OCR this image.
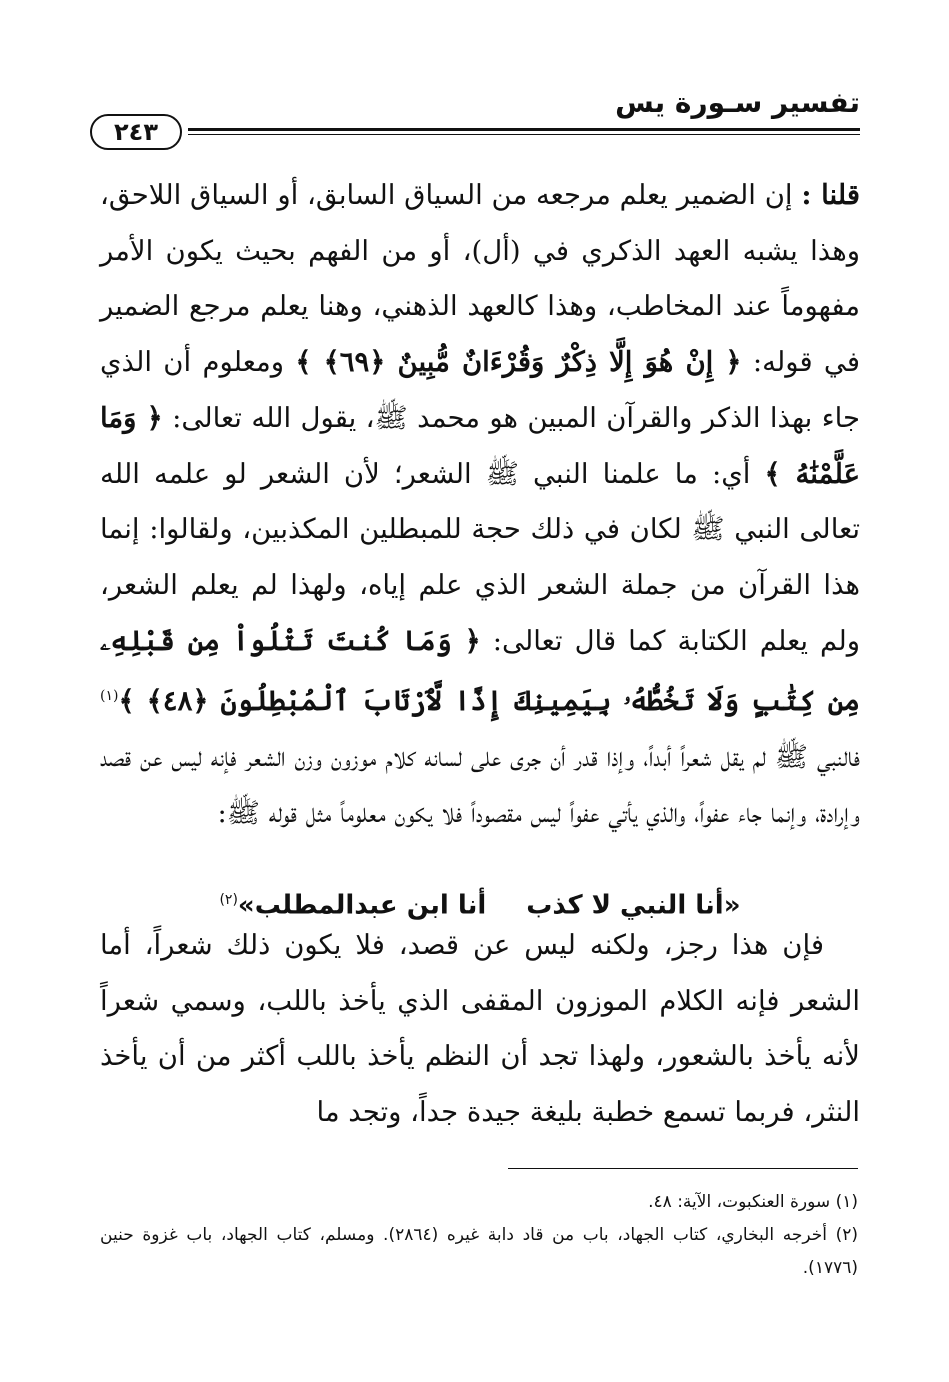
تفسير سـورة يس
٢٤٣

قلنا : إن الضمير يعلم مرجعه من السياق السابق، أو السياق اللاحق، وهذا يشبه العهد الذكري في (أل)، أو من الفهم بحيث يكون الأمر مفهوماً عند المخاطب، وهذا كالعهد الذهني، وهنا يعلم مرجع الضمير في قوله: ﴿ إِنْ هُوَ إِلَّا ذِكْرٌ وَقُرْءَانٌ مُّبِينٌ ﴿٦٩﴾ ﴾ ومعلوم أن الذي جاء بهذا الذكر والقرآن المبين هو محمد ﷺ، يقول الله تعالى: ﴿ وَمَا عَلَّمْنَٰهُ ﴾ أي: ما علمنا النبي ﷺ الشعر؛ لأن الشعر لو علمه الله تعالى النبي ﷺ لكان في ذلك حجة للمبطلين المكذبين، ولقالوا: إنما هذا القرآن من جملة الشعر الذي علم إياه، ولهذا لم يعلم الشعر، ولم يعلم الكتابة كما قال تعالى: ﴿ وَمَا كُنتَ تَتْلُواْ مِن قَبْلِهِۦ مِن كِتَٰبٍ وَلَا تَخُطُّهُۥ بِيَمِينِكَ إِذًا لَّٱرْتَابَ ٱلْمُبْطِلُونَ ﴿٤٨﴾ ﴾$^{(١)}$ فالنبي ﷺ لم يقل شعراً أبداً، وإذا قدر أن جرى على لسانه كلام موزون وزن الشعر فإنه ليس عن قصد وإرادة، وإنما جاء عفواً، والذي يأتي عفواً ليس مقصوداً فلا يكون معلوماً مثل قوله ﷺ:

«أنا النبي لا كذبأنا ابن عبدالمطلب»$^{(٢)}$

فإن هذا رجز، ولكنه ليس عن قصد، فلا يكون ذلك شعراً، أما الشعر فإنه الكلام الموزون المقفى الذي يأخذ باللب، وسمي شعراً لأنه يأخذ بالشعور، ولهذا تجد أن النظم يأخذ باللب أكثر من أن يأخذ النثر، فربما تسمع خطبة بليغة جيدة جداً، وتجد ما

(١) سورة العنكبوت، الآية: ٤٨.

(٢) أخرجه البخاري، كتاب الجهاد، باب من قاد دابة غيره (٢٨٦٤). ومسلم، كتاب الجهاد، باب غزوة حنين (١٧٧٦).
